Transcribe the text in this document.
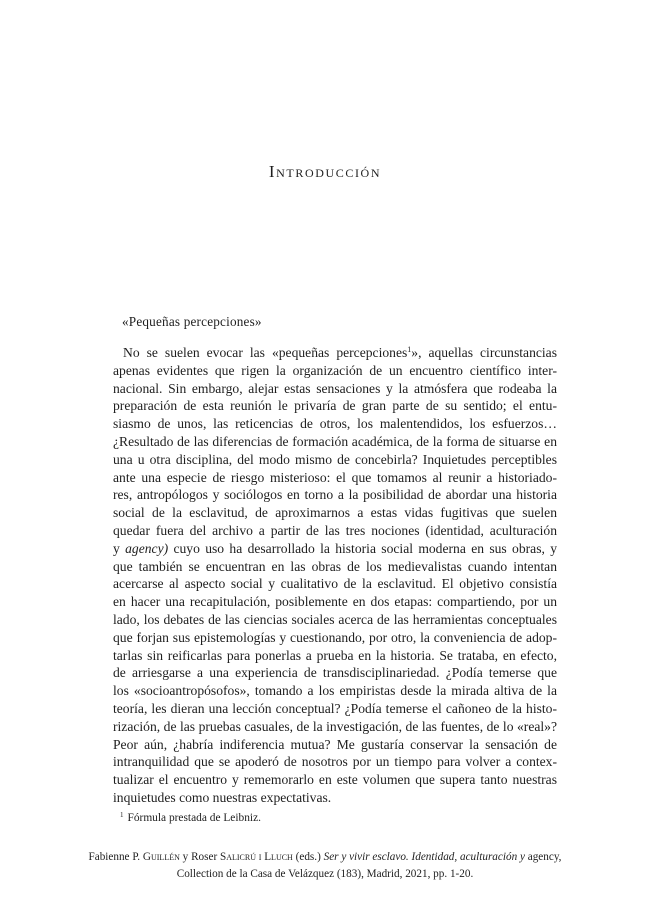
Introducción
«Pequeñas percepciones»
No se suelen evocar las «pequeñas percepciones$^1$», aquellas circunstancias
apenas evidentes que rigen la organización de un encuentro científico inter-
nacional. Sin embargo, alejar estas sensaciones y la atmósfera que rodeaba la
preparación de esta reunión le privaría de gran parte de su sentido; el entu-
siasmo de unos, las reticencias de otros, los malentendidos, los esfuerzos…
¿Resultado de las diferencias de formación académica, de la forma de situarse en
una u otra disciplina, del modo mismo de concebirla? Inquietudes perceptibles
ante una especie de riesgo misterioso: el que tomamos al reunir a historiado-
res, antropólogos y sociólogos en torno a la posibilidad de abordar una historia
social de la esclavitud, de aproximarnos a estas vidas fugitivas que suelen
quedar fuera del archivo a partir de las tres nociones (identidad, aculturación
y agency) cuyo uso ha desarrollado la historia social moderna en sus obras, y
que también se encuentran en las obras de los medievalistas cuando intentan
acercarse al aspecto social y cualitativo de la esclavitud. El objetivo consistía
en hacer una recapitulación, posiblemente en dos etapas: compartiendo, por un
lado, los debates de las ciencias sociales acerca de las herramientas conceptuales
que forjan sus epistemologías y cuestionando, por otro, la conveniencia de adop-
tarlas sin reificarlas para ponerlas a prueba en la historia. Se trataba, en efecto,
de arriesgarse a una experiencia de transdisciplinariedad. ¿Podía temerse que
los «socioantropósofos», tomando a los empiristas desde la mirada altiva de la
teoría, les dieran una lección conceptual? ¿Podía temerse el cañoneo de la histo-
rización, de las pruebas casuales, de la investigación, de las fuentes, de lo «real»?
Peor aún, ¿habría indiferencia mutua? Me gustaría conservar la sensación de
intranquilidad que se apoderó de nosotros por un tiempo para volver a contex-
tualizar el encuentro y rememorarlo en este volumen que supera tanto nuestras
inquietudes como nuestras expectativas.
$^1$ Fórmula prestada de Leibniz.
Fabienne P. Guillén y Roser Salicrú i Lluch (eds.) Ser y vivir esclavo. Identidad, aculturación y agency,
Collection de la Casa de Velázquez (183), Madrid, 2021, pp. 1-20.
